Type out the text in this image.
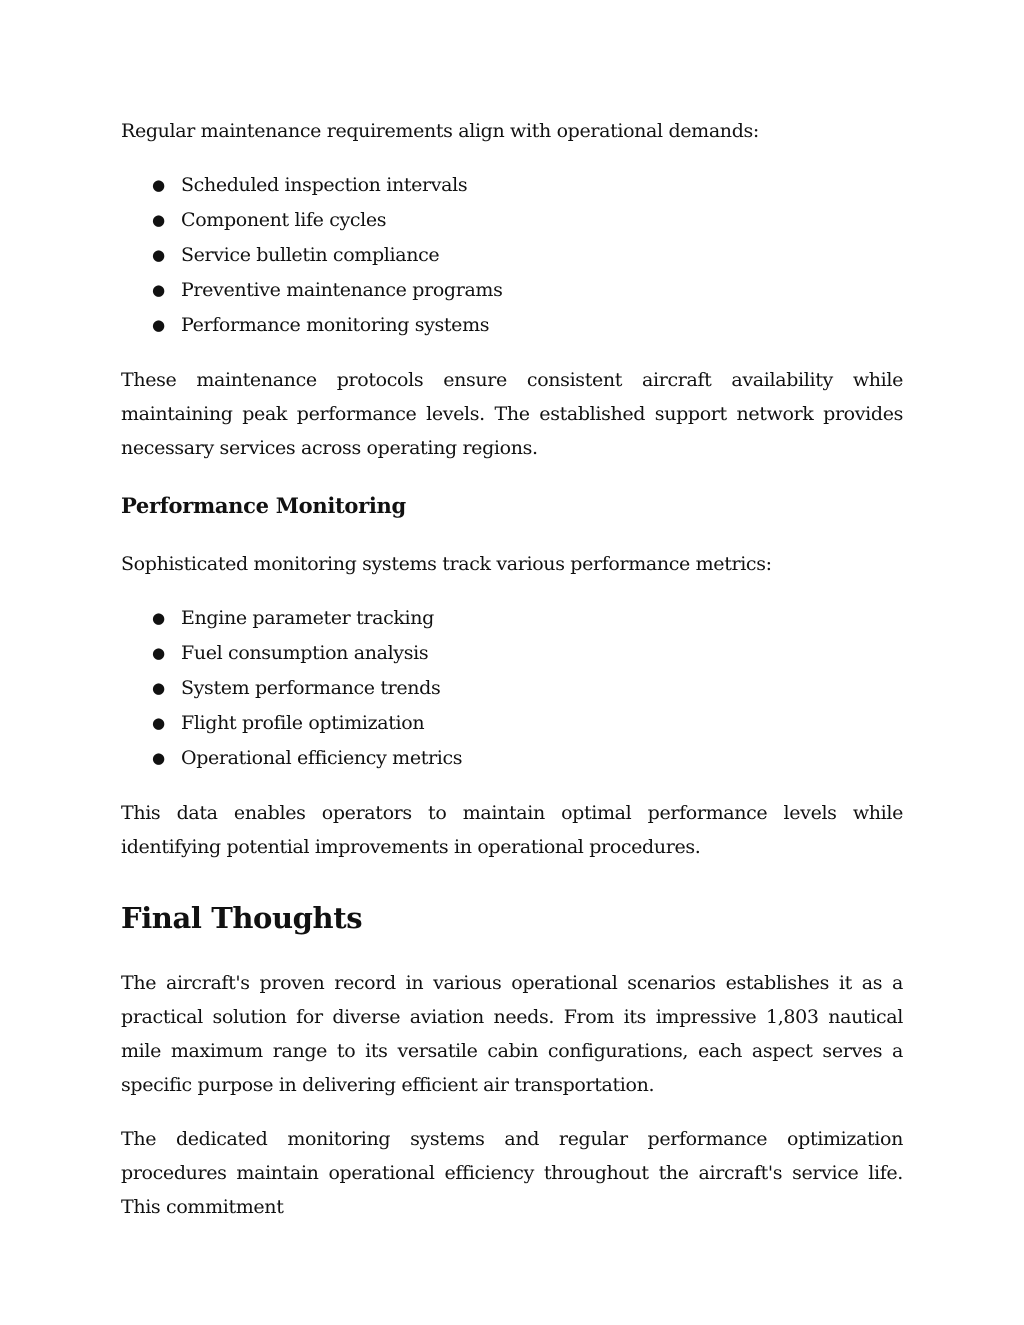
Regular maintenance requirements align with operational demands:

● Scheduled inspection intervals
● Component life cycles
● Service bulletin compliance
● Preventive maintenance programs
● Performance monitoring systems

These maintenance protocols ensure consistent aircraft availability while maintaining peak performance levels. The established support network provides necessary services across operating regions.

Performance Monitoring

Sophisticated monitoring systems track various performance metrics:

● Engine parameter tracking
● Fuel consumption analysis
● System performance trends
● Flight profile optimization
● Operational efficiency metrics

This data enables operators to maintain optimal performance levels while identifying potential improvements in operational procedures.

Final Thoughts

The aircraft's proven record in various operational scenarios establishes it as a practical solution for diverse aviation needs. From its impressive 1,803 nautical mile maximum range to its versatile cabin configurations, each aspect serves a specific purpose in delivering efficient air transportation.

The dedicated monitoring systems and regular performance optimization procedures maintain operational efficiency throughout the aircraft's service life. This commitment
